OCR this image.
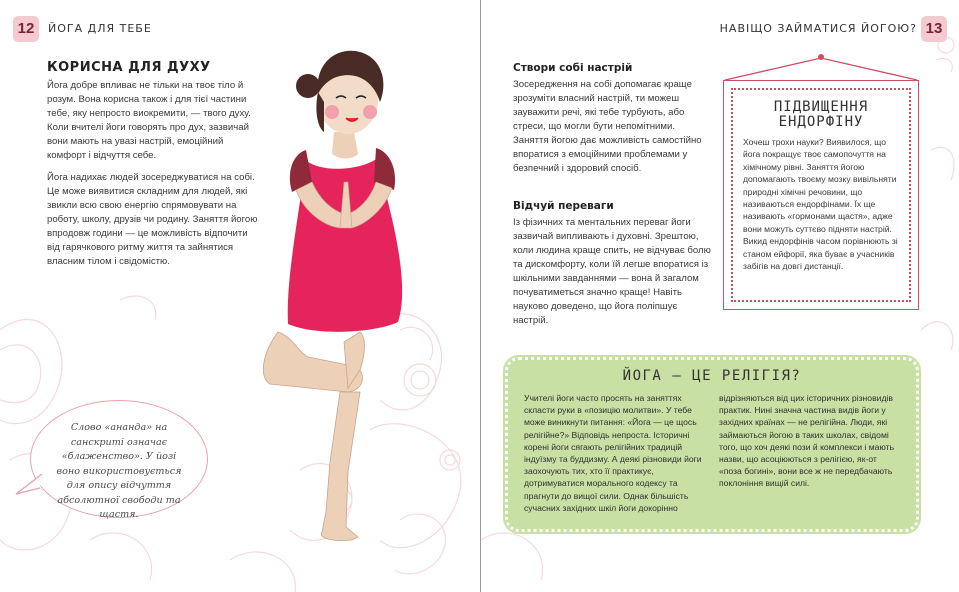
12	ЙОГА ДЛЯ ТЕБЕ
КОРИСНА ДЛЯ ДУХУ

Йога добре впливає не тільки на твоє тіло й розум. Вона корисна також і для тієї частини тебе, яку непросто виокремити, — твого духу. Коли вчителі йоги говорять про дух, зазвичай вони мають на увазі настрій, емоційний комфорт і відчуття себе.

Йога надихає людей зосереджуватися на собі. Це може виявитися складним для людей, які звикли всю свою енергію спрямовувати на роботу, школу, друзів чи родину. Заняття йогою впродовж години — це можливість відпочити від гарячкового ритму життя та зайнятися власним тілом і свідомістю.

Слово «ананда» на санскриті означає «блаженство». У йозі воно використовується для опису відчуття абсолютної свободи та щастя.
НАВІЩО ЗАЙМАТИСЯ ЙОГОЮ? 13
Створи собі настрій
Зосередження на собі допомагає краще зрозуміти власний настрій, ти можеш зауважити речі, які тебе турбують, або стреси, що могли бути непомітними. Заняття йогою дає можливість самостійно впоратися з емоційними проблемами у безпечний і здоровий спосіб.
Відчуй переваги
Із фізичних та ментальних переваг йоги зазвичай випливають і духовні. Зрештою, коли людина краще спить, не відчуває болю та дискомфорту, коли їй легше впоратися із шкільними завданнями — вона й загалом почуватиметься значно краще! Навіть науково доведено, що йога поліпшує настрій.
ПІДВИЩЕННЯ ЕНДОРФІНУ
Хочеш трохи науки? Виявилося, що йога покращує твоє самопочуття на хімічному рівні. Заняття йогою допомагають твоєму мозку вивільняти природні хімічні речовини, що називаються ендорфінами. Їх ще називають «гормонами щастя», адже вони можуть суттєво підняти настрій. Викид ендорфінів часом порівнюють зі станом ейфорії, яка буває в учасників забігів на довгі дистанції.
ЙОГА — ЦЕ РЕЛІГІЯ?
Учителі йоги часто просять на заняттях скласти руки в «позицію молитви». У тебе може виникнути питання: «Йога — це щось релігійне?» Відповідь непроста. Історичні корені йоги сягають релігійних традицій індуїзму та буддизму. А деякі різновиди йоги заохочують тих, хто її практикує, дотримуватися морального кодексу та прагнути до вищої сили. Однак більшість сучасних західних шкіл йоги докорінно
відрізняються від цих історичних різновидів практик. Нині значна частина видів йоги у західних країнах — не релігійна. Люди, які займаються йогою в таких школах, свідомі того, що хоч деякі пози й комплекси і мають назви, що асоціюються з релігією, як-от «поза богині», вони все ж не передбачають поклоніння вищій силі.
